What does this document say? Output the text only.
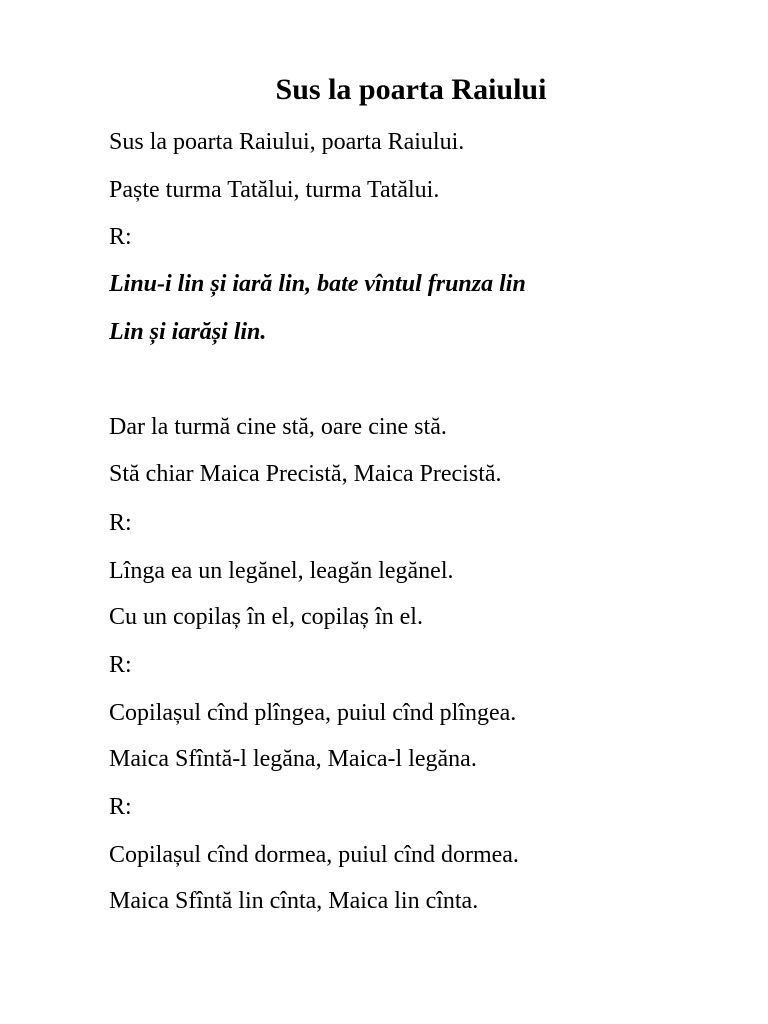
Sus la poarta Raiului
Sus la poarta Raiului, poarta Raiului.
Paște turma Tatălui, turma Tatălui.
R:
Linu-i lin și iară lin, bate vîntul frunza lin
Lin și iarăși lin.
Dar la turmă cine stă, oare cine stă.
Stă chiar Maica Precistă, Maica Precistă.
R:
Lînga ea un legănel, leagăn legănel.
Cu un copilaș în el, copilaș în el.
R:
Copilașul cînd plîngea, puiul cînd plîngea.
Maica Sfîntă-l legăna, Maica-l legăna.
R:
Copilașul cînd dormea, puiul cînd dormea.
Maica Sfîntă lin cînta, Maica lin cînta.
